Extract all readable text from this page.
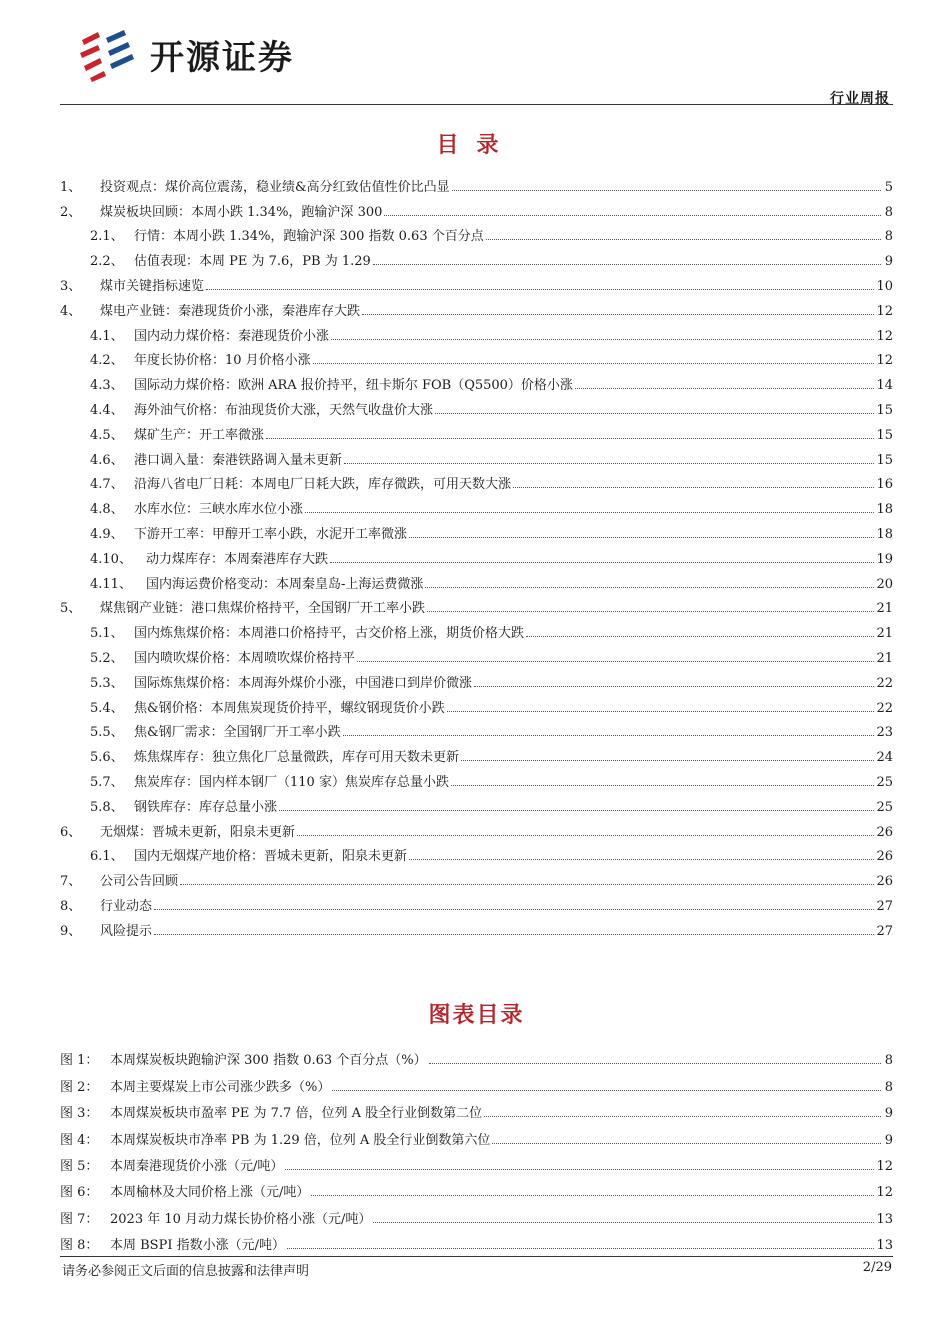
开源证券
行业周报
目录
1、	投资观点：煤价高位震荡，稳业绩&高分红致估值性价比凸显	5
2、	煤炭板块回顾：本周小跌 1.34%，跑输沪深 300	8
2.1、 行情：本周小跌 1.34%，跑输沪深 300 指数 0.63 个百分点	8
2.2、 估值表现：本周 PE 为 7.6，PB 为 1.29	9
3、	煤市关键指标速览	10
4、	煤电产业链：秦港现货价小涨，秦港库存大跌	12
4.1、 国内动力煤价格：秦港现货价小涨	12
4.2、 年度长协价格：10 月价格小涨	12
4.3、 国际动力煤价格：欧洲 ARA 报价持平，纽卡斯尔 FOB（Q5500）价格小涨	14
4.4、 海外油气价格：布油现货价大涨，天然气收盘价大涨	15
4.5、 煤矿生产：开工率微涨	15
4.6、 港口调入量：秦港铁路调入量未更新	15
4.7、 沿海八省电厂日耗：本周电厂日耗大跌，库存微跌，可用天数大涨	16
4.8、 水库水位：三峡水库水位小涨	18
4.9、 下游开工率：甲醇开工率小跌，水泥开工率微涨	18
4.10、	动力煤库存：本周秦港库存大跌	19
4.11、	国内海运费价格变动：本周秦皇岛-上海运费微涨	20
5、	煤焦钢产业链：港口焦煤价格持平，全国钢厂开工率小跌	21
5.1、 国内炼焦煤价格：本周港口价格持平，古交价格上涨，期货价格大跌	21
5.2、 国内喷吹煤价格：本周喷吹煤价格持平	21
5.3、 国际炼焦煤价格：本周海外煤价小涨，中国港口到岸价微涨	22
5.4、 焦&钢价格：本周焦炭现货价持平，螺纹钢现货价小跌	22
5.5、 焦&钢厂需求：全国钢厂开工率小跌	23
5.6、 炼焦煤库存：独立焦化厂总量微跌，库存可用天数未更新	24
5.7、 焦炭库存：国内样本钢厂（110 家）焦炭库存总量小跌	25
5.8、 钢铁库存：库存总量小涨	25
6、	无烟煤：晋城未更新，阳泉未更新	26
6.1、 国内无烟煤产地价格：晋城未更新，阳泉未更新	26
7、	公司公告回顾	26
8、	行业动态	27
9、	风险提示	27
图表目录
图 1： 本周煤炭板块跑输沪深 300 指数 0.63 个百分点（%）	8
图 2： 本周主要煤炭上市公司涨少跌多（%）	8
图 3： 本周煤炭板块市盈率 PE 为 7.7 倍，位列 A 股全行业倒数第二位	9
图 4： 本周煤炭板块市净率 PB 为 1.29 倍，位列 A 股全行业倒数第六位	9
图 5： 本周秦港现货价小涨（元/吨）	12
图 6： 本周榆林及大同价格上涨（元/吨）	12
图 7： 2023 年 10 月动力煤长协价格小涨（元/吨）	13
图 8： 本周 BSPI 指数小涨（元/吨）	13
请务必参阅正文后面的信息披露和法律声明	2/29
